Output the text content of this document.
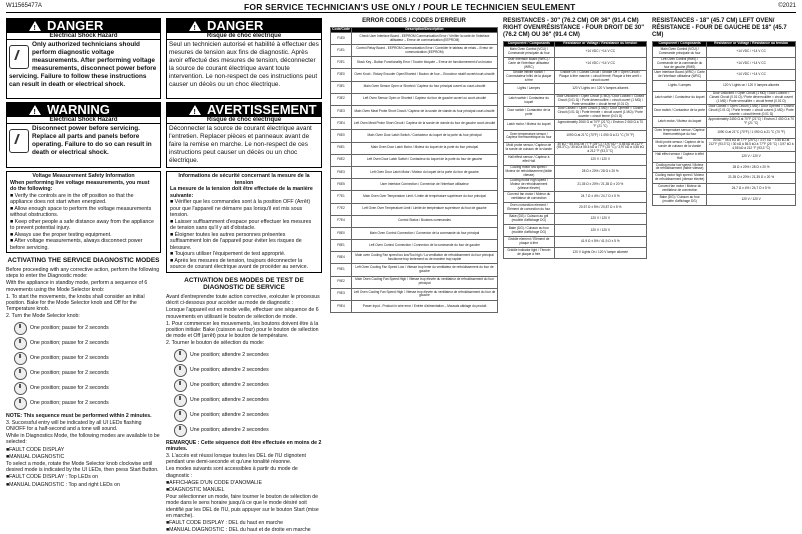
W11565477A	FOR SERVICE TECHNICIAN'S USE ONLY / POUR LE TECHNICIEN SEULEMENT	©2021
!
DANGER
Electrical Shock Hazard
Only authorized technicians should perform diagnostic voltage measurements. After performing voltage measurements, disconnect power before servicing. Failure to follow these instructions can result in death or electrical shock.
!
WARNING
Electrical Shock Hazard
Disconnect power before servicing. Replace all parts and panels before operating. Failure to do so can result in death or electrical shock.
Voltage Measurement Safety Information
When performing live voltage measurements, you must do the following:
■ Verify the controls are in the off position so that the appliance does not start when energized.
■ Allow enough space to perform the voltage measurements without obstructions.
■ Keep other people a safe distance away from the appliance to prevent potential injury.
■ Always use the proper testing equipment.
■ After voltage measurements, always disconnect power before servicing.
ACTIVATING THE SERVICE DIAGNOSTIC MODES
Before proceeding with any corrective action, perform the following steps to enter the Diagnostic mode:
With the appliance in standby mode, perform a sequence of 6 movements using the Mode Selector knob:
1. To start the movements, the knobs shall consider an initial position. Bake for the Mode Selector knob and Off for the Temperature knob.
2. Turn the Mode Selector knob:
One position; pause for 2 seconds
One position; pause for 2 seconds
One position; pause for 2 seconds
One position; pause for 2 seconds
One position; pause for 2 seconds
One position; pause for 2 seconds
NOTE: This sequence must be performed within 2 minutes.
3. Successful entry will be indicated by all UI LEDs flashing ON/OFF for a half-second and a tone will sound.
While in Diagnostics Mode, the following modes are available to be selected:
■FAULT CODE DISPLAY
■MANUAL DIAGNOSTIC
To select a mode, rotate the Mode Selector knob clockwise until desired mode is indicated by the UI LEDs, then press Start Button.
■FAULT CODE DISPLAY : Top LEDs on
■MANUAL DIAGNOSTIC : Top and right LEDs on
!
DANGER
Risque de choc électrique
Seul un technicien autorisé et habilité à effectuer des mesures de tension aux fins de diagnostic. Après avoir effectué des mesures de tension, déconnecter la source de courant électrique avant toute intervention. Le non-respect de ces instructions peut causer un décès ou un choc électrique.
!
AVERTISSEMENT
Risque de choc électrique
Déconnecter la source de courant électrique avant l'entretien. Replacer pièces et panneaux avant de faire la remise en marche. Le non-respect de ces instructions peut causer un décès ou un choc électrique.
Informations de sécurité concernant la mesure de la tension
La mesure de la tension doit être effectuée de la manière suivante:
■ Vérifier que les commandes sont à la position OFF (Arrêt) pour que l'appareil ne démarre pas lorsqu'il est mis sous tension.
■ Laisser suffisamment d'espace pour effectuer les mesures de tension sans qu'il y ait d'obstacle.
■ Éloigner toutes les autres personnes présentes suffisamment loin de l'appareil pour éviter les risques de blessure.
■ Toujours utiliser l'équipement de test approprié.
■ Après les mesures de tension, toujours déconnecter la source de courant électrique avant de procéder au service.
ACTIVATION DES MODES DE TEST DE DIAGNOSTIC DE SERVICE
Avant d'entreprendre toute action corrective, exécuter le processus décrit ci-dessous pour accéder au mode de diagnostic :
Lorsque l'appareil est en mode veille, effectuer une séquence de 6 mouvements en utilisant le bouton de sélection de mode.
1. Pour commencer les mouvements, les boutons doivent être à la position initiale: Bake (cuisson au four) pour le bouton de sélection de mode et Off (arrêt) pour le bouton de température.
2. Tourner le bouton de sélection du mode:
Une position; attendre 2 secondes
Une position; attendre 2 secondes
Une position; attendre 2 secondes
Une position; attendre 2 secondes
Une position; attendre 2 secondes
Une position; attendre 2 secondes
REMARQUE : Cette séquence doit être effectuée en moins de 2 minutes.
3. L'accès est réussi lorsque toutes les DEL de l'IU clignotent pendant une demi-seconde et qu'une tonalité résonne.
Les modes suivants sont accessibles à partir du mode de diagnostic :
■AFFICHAGE D'UN CODE D'ANOMALIE
■DIAGNOSTIC MANUEL
Pour sélectionner un mode, faire tourner le bouton de sélection de mode dans le sens horaire jusqu'à ce que le mode désiré soit identifié par les DEL de l'IU, puis appuyer sur le bouton Start (mise en marche).
■FAULT CODE DISPLAY : DEL du haut en marche
■MANUAL DIAGNOSTIC : DEL du haut et de droite en marche
ERROR CODES / CODES D'ERREUR
Code/Code	Description/Description
F1E0	Check User Interface Board - EEPROM Communication Error / Vérifier la carte de l'interface utilisateur – Erreur de communication (EEPROM)
F1E1	Control Relay Board - EEPROM Communication Error / Contrôler le tableau de relais – Erreur de communication (EEPROM)
F2E1	Stuck Key - Button Functionality Error / Touche bloquée – Erreur de fonctionnement d'un bouton
F3E0	Oven Knob - Rotary Encoder Open/Shorted / Bouton de four – Encodeur rotatif ouvert/court-circuité
F3E1	Main Oven Sensor Open or Shorted / Capteur du four principal ouvert ou court-circuité
F3E2	Left Oven Sensor Open or Shorted / Capteur du four de gauche ouvert ou court-circuité
F3E3	Main Oven Meat Probe Short Circuit / Capteur de la sonde de viande du four principal court-circuité
F3E4	Left Oven Meat Probe Short Circuit / Capteur de la sonde de viande du four de gauche court-circuité
F6E0	Main Oven Door Latch Switch / Contacteur du loquet de la porte du four principal
F6E1	Main Oven Door Latch Motor / Moteur du loquet de la porte du four principal
F6E2	Left Oven Door Latch Switch / Contacteur du loquet de la porte du four de gauche
F6E3	Left Oven Door Latch Motor / Moteur du loquet de la porte du four de gauche
F6E5	User Interface Connection / Connexion de l'interface utilisateur
F7E1	Main Oven Over Temperature Limit / Limite de température supérieure du four principal
F7E2	Left Oven Over Temperature Limit / Limite de température supérieure du four de gauche
F7E4	Control Status / Boutons commandes
F8E0	Main Oven Control Connection / Connexion de la commande du four principal
F8E1	Left Oven Control Connection / Connexion de la commande du four de gauche
F8E4	Main oven Cooling Fan speed too low/Too high / La ventilation de refroidissement du four principal fonctionne trop lentement ou de manière trop rapide
F9E1	Left Oven Cooling Fan Speed Low / Vitesse trop lente du ventilateur de refroidissement du four de gauche
F9E2	Main Oven Cooling Fan Speed High / Vitesse trop élevée du ventilateur de refroidissement du four principal
F9E3	Left Oven Cooling Fan Speed High / Vitesse trop élevée du ventilateur de refroidissement du four de gauche
F9E4	Power Input - Product in wire error / Entrée d'alimentation – Mauvais câblage du produit
RESISTANCES - 30" (76.2 CM) OR 36" (91.4 CM) RIGHT OVEN/RÉSISTANCE - FOUR DROIT DE 30" (76.2 CM) OU 36" (91.4 CM)
Component / Composants	Resistance or Voltage / Résistance ou tension
Main Oven Control (VCU) / Commande principale du four	+14 VDC / +14 V CC
User Interface Board (WRC) / Carte de l'interface utilisateur (WRC)	+14 VDC / +14 V CC
Griddle infinite switch / Commutateur infini de la plaque à frire	Griddle On = Closed Circuit / Griddle Off = Open Circuit / Plaque à frire marche = circuit fermé; Plaque à frire arrêt = circuit ouvert
Lights / Lampes	120 V Lights on / 120 V lampes allumés
Latch switch / Contacteur du loquet	Door Unlocked = Open Circuit (1 MΩ) / Door Locked = Closed Circuit (0.01 Ω) / Porte déverrouillée = circuit ouvert (1 MΩ) / Porte verrouillée = circuit fermé (0.01 Ω)
Door switch / Contacteur de la porte	Door Closed = Open Circuit (1 MΩ) / Door Opened = Closed Circuit (0.01 Ω) / Porte fermée = circuit ouvert (1 MΩ) / Porte ouverte = circuit fermé (0.01 Ω)
Latch motor / Moteur du loquet	Approximately 2060 Ω at 70°F (21°C) / Environ 2 060 Ω à 70 °F (21 °C)
Oven temperature sensor / Capteur thermométrique du four	1090 Ω at 21°C (70°F) / 1 090 Ω à 21 °C (70 °F)
Mold probe sensor / Capteur de la sonde de cuisson de la viande	30 kΩ ~ 55.5 kΩ at 77°F (25°C) / 3.97 kΩ ~ 4.55 kΩ at 212°F (93.3°C) / 30 kΩ à 55.5 kΩ à 77°F (25 °C) / 3,97 kΩ à 4,55 kΩ à 212 °F (93,3 °C)
Hall effect sensor / Capteur à effet Hall	120 V / 120 V
Cooling motor low speed / Moteur de refroidissement (faible vitesse)	28 Ω ± 20% / 28 Ω ± 20 %
Cooling motor high speed / Moteur de refroidissement (vitesse élevée)	21.35 Ω ± 20% / 21,35 Ω ± 20 %
Convect fan motor / Moteur du ventilateur de convection	24.7 Ω ± 4% / 24,7 Ω ± 5 %
Oven convection element / Élément de convection du four	20.57 Ω ± 5% / 20,57 Ω ± 5 %
Bake (DG) / Cuisson au gril (modèle d'affichage DG)	120 V / 120 V
Bake (DG) / Cuisson au four (modèle d'affichage DG)	120 V / 120 V
Griddle element / Élément de plaque à frire	41.9 Ω ± 5% / 41,9 Ω ± 5 %
Griddle indicator light / Témoin de plaque à frire	120 V Lights On / 120 V lampe allumée
RESISTANCES - 18" (45.7 CM) LEFT OVEN/ RÉSISTANCE - FOUR DE GAUCHE DE 18" (45.7 CM)
Component / Composants	Resistance or Voltage / Résistance ou tension
Main Oven Control (VCU) / Commande principale du four	+14 VDC / +14 V CC
Left Oven Control (RMS) / Commande de la commande du four de gauche (RMS)	+14 VDC / +14 V CC
User Interface Board (WRC) / Carte de l'interface utilisateur (WRC)	+14 VDC / +14 V CC
Lights / Lampes	120 V Lights on / 120 V lampes allumés
Latch switch / Contacteur du loquet	Door Unlocked = Open Circuit (1 MΩ) / Door Locked = Closed Circuit (0.01 Ω) / Porte déverrouillée = circuit ouvert (1 MΩ) / Porte verrouillée = circuit fermé (0.01 Ω)
Door switch / Contacteur de la porte	Door Closed = Open Circuit (1 MΩ) / Door Opened = Closed Circuit (0.01 Ω) / Porte fermée = circuit ouvert (1 MΩ) / Porte ouverte = circuit fermé (0.01 Ω)
Latch motor / Moteur du loquet	Approximately 2450 Ω at 70°F (21°C) / Environ 2 450 Ω à 70 °F (21 °C)
Oven temperature sensor / Capteur thermométrique du four	1090 Ω at 21°C (70°F) / 1 090 Ω à 21 °C (70 °F)
Mold probe sensor / Capteur de la sonde de cuisson de la viande	30 kΩ ~ 55.5 kΩ at 77°F (25°C) / 3.97 kΩ ~ 4.55 kΩ at 212°F (93.3°C) / 30 kΩ à 55.5 kΩ à 77°F (25 °C) / 3,97 kΩ à 4,55 kΩ à 212 °F (93,3 °C)
Hall effect sensor / Capteur à effet Hall	120 V / 120 V
Cooling motor low speed / Moteur de refroidissement (faible vitesse)	28 Ω ± 20% / 28 Ω ± 20 %
Cooling motor high speed / Moteur de refroidissement (vitesse élevée)	21.35 Ω ± 20% / 21,35 Ω ± 20 %
Convect fan motor / Moteur du ventilateur de convection	24.7 Ω ± 4% / 24,7 Ω ± 5 %
Bake (DG) / Cuisson au four (modèle d'affichage DG)	120 V / 120 V
